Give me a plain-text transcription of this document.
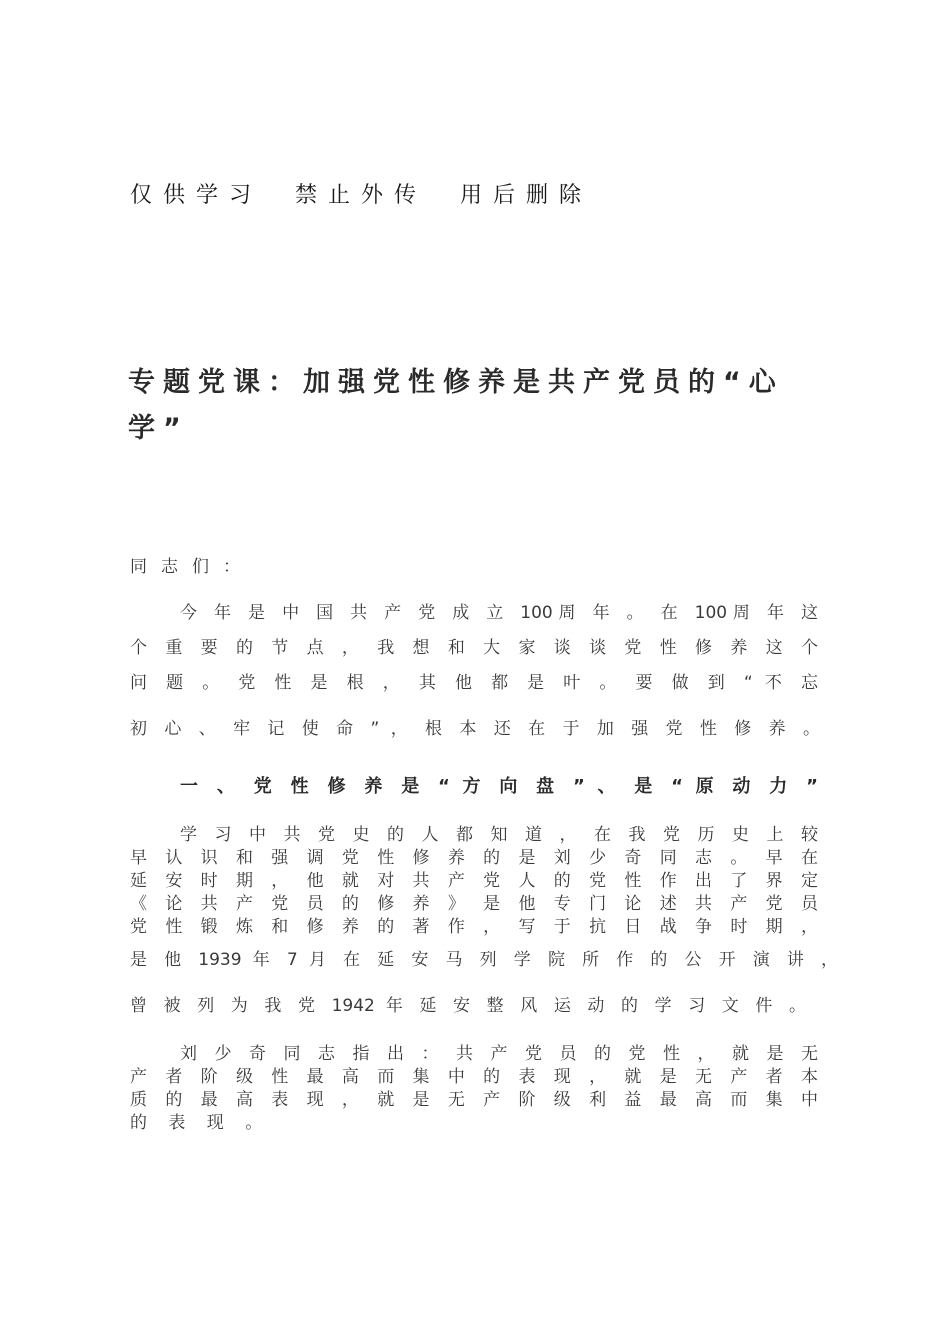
仅供学习　禁止外传　用后删除

专题党课：加强党性修养是共产党员的“心学”

同志们：

今 年 是 中 国 共 产 党 成 立 100周 年 。 在 100周 年 这

个 重 要 的 节 点 ， 我 想 和 大 家 谈 谈 党 性 修 养 这 个

问 题 。 党 性 是 根 ， 其 他 都 是 叶 。 要 做 到 “ 不 忘

初 心 、 牢 记 使 命 ” ， 根 本 还 在 于 加 强 党 性 修 养 。

一 、 党 性 修 养 是 “ 方 向 盘 ” 、 是 “ 原 动 力 ”

学 习 中 共 党 史 的 人 都 知 道 ， 在 我 党 历 史 上 较

早 认 识 和 强 调 党 性 修 养 的 是 刘 少 奇 同 志 。 早 在

延 安 时 期 ， 他 就 对 共 产 党 人 的 党 性 作 出 了 界 定

《 论 共 产 党 员 的 修 养 》 是 他 专 门 论 述 共 产 党 员

党 性 锻 炼 和 修 养 的 著 作 ， 写 于 抗 日 战 争 时 期 ，

是 他 1939 年 7 月 在 延 安 马 列 学 院 所 作 的 公 开 演 讲 ，

曾 被 列 为 我 党 1942 年 延 安 整 风 运 动 的 学 习 文 件 。

刘 少 奇 同 志 指 出 ： 共 产 党 员 的 党 性 ， 就 是 无

产 者 阶 级 性 最 高 而 集 中 的 表 现 ， 就 是 无 产 者 本

质 的 最 高 表 现 ， 就 是 无 产 阶 级 利 益 最 高 而 集 中

的 表 现 。
